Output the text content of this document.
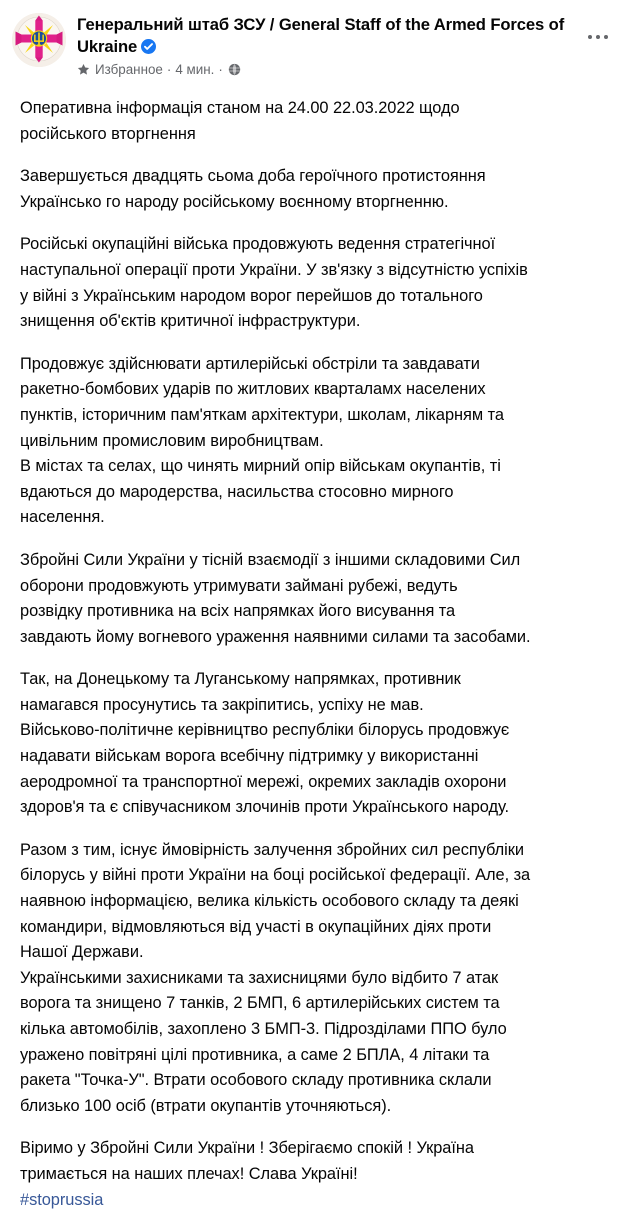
Генеральний штаб ЗСУ / General Staff of the Armed Forces of Ukraine
Избранное · 4 мин. ·
Оперативна інформація станом на 24.00 22.03.2022 щодо
російського вторгнення
Завершується двадцять сьома доба героїчного протистояння
Українсько го народу російському воєнному вторгненню.
Російські окупаційні війська продовжують ведення стратегічної
наступальної операції проти України. У зв'язку з відсутністю успіхів
у війні з Українським народом ворог перейшов до тотального
знищення об'єктів критичної інфраструктури.
Продовжує здійснювати артилерійські обстріли та завдавати
ракетно-бомбових ударів по житлових кварталамх населених
пунктів, історичним пам'яткам архітектури, школам, лікарням та
цивільним промисловим виробництвам.
В містах та селах, що чинять мирний опір військам окупантів, ті
вдаються до мародерства, насильства стосовно мирного
населення.
Збройні Сили України у тісній взаємодії з іншими складовими Сил
оборони продовжують утримувати займані рубежі, ведуть
розвідку противника на всіх напрямках його висування та
завдають йому вогневого ураження наявними силами та засобами.
Так, на Донецькому та Луганському напрямках, противник
намагався просунутись та закріпитись, успіху не мав.
Військово-політичне керівництво республіки білорусь продовжує
надавати військам ворога всебічну підтримку у використанні
аеродромної та транспортної мережі, окремих закладів охорони
здоров'я та є співучасником злочинів проти Українського народу.
Разом з тим, існує ймовірність залучення збройних сил республіки
білорусь у війні проти України на боці російської федерації. Але, за
наявною інформацією, велика кількість особового складу та деякі
командири, відмовляються від участі в окупаційних діях проти
Нашої Держави.
Українськими захисниками та захисницями було відбито 7 атак
ворога та знищено 7 танків, 2 БМП, 6 артилерійських систем та
кілька автомобілів, захоплено 3 БМП-3. Підрозділами ППО було
уражено повітряні цілі противника, а саме 2 БПЛА, 4 літаки та
ракета "Точка-У". Втрати особового складу противника склали
близько 100 осіб (втрати окупантів уточняються).
Віримо у Збройні Сили України ! Зберігаємо спокій ! Україна
тримається на наших плечах! Слава Україні!
#stoprussia
